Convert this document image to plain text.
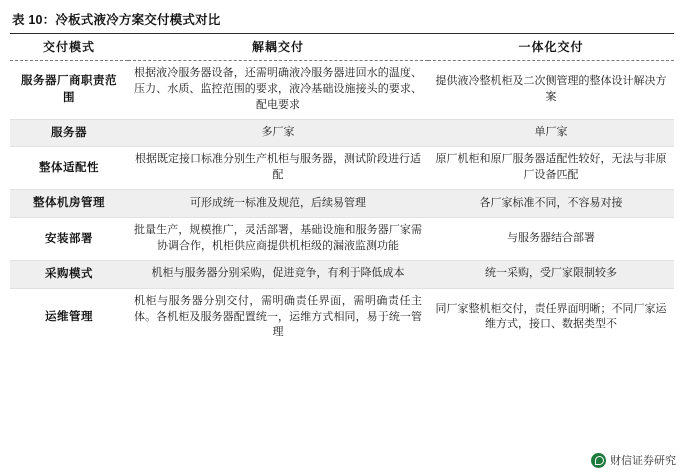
表 10：冷板式液冷方案交付模式对比
交付模式	解耦交付	一体化交付
服务器厂商职责范围	根据液冷服务器设备，还需明确液冷服务器进回水的温度、压力、水质、监控范围的要求，液冷基础设施接头的要求、配电要求	提供液冷整机柜及二次侧管理的整体设计解决方案
服务器	多厂家	单厂家
整体适配性	根据既定接口标准分别生产机柜与服务器，测试阶段进行适配	原厂机柜和原厂服务器适配性较好，无法与非原厂设备匹配
整体机房管理	可形成统一标准及规范，后续易管理	各厂家标准不同，不容易对接
安装部署	批量生产，规模推广，灵活部署，基础设施和服务器厂家需协调合作，机柜供应商提供机柜级的漏液监测功能	与服务器结合部署
采购模式	机柜与服务器分别采购，促进竞争，有利于降低成本	统一采购，受厂家限制较多
运维管理	机柜与服务器分别交付，需明确责任界面，需明确责任主体。各机柜及服务器配置统一，运维方式相同，易于统一管理	同厂家整机柜交付，责任界面明晰；不同厂家运维方式，接口、数据类型不
财信证券研究
